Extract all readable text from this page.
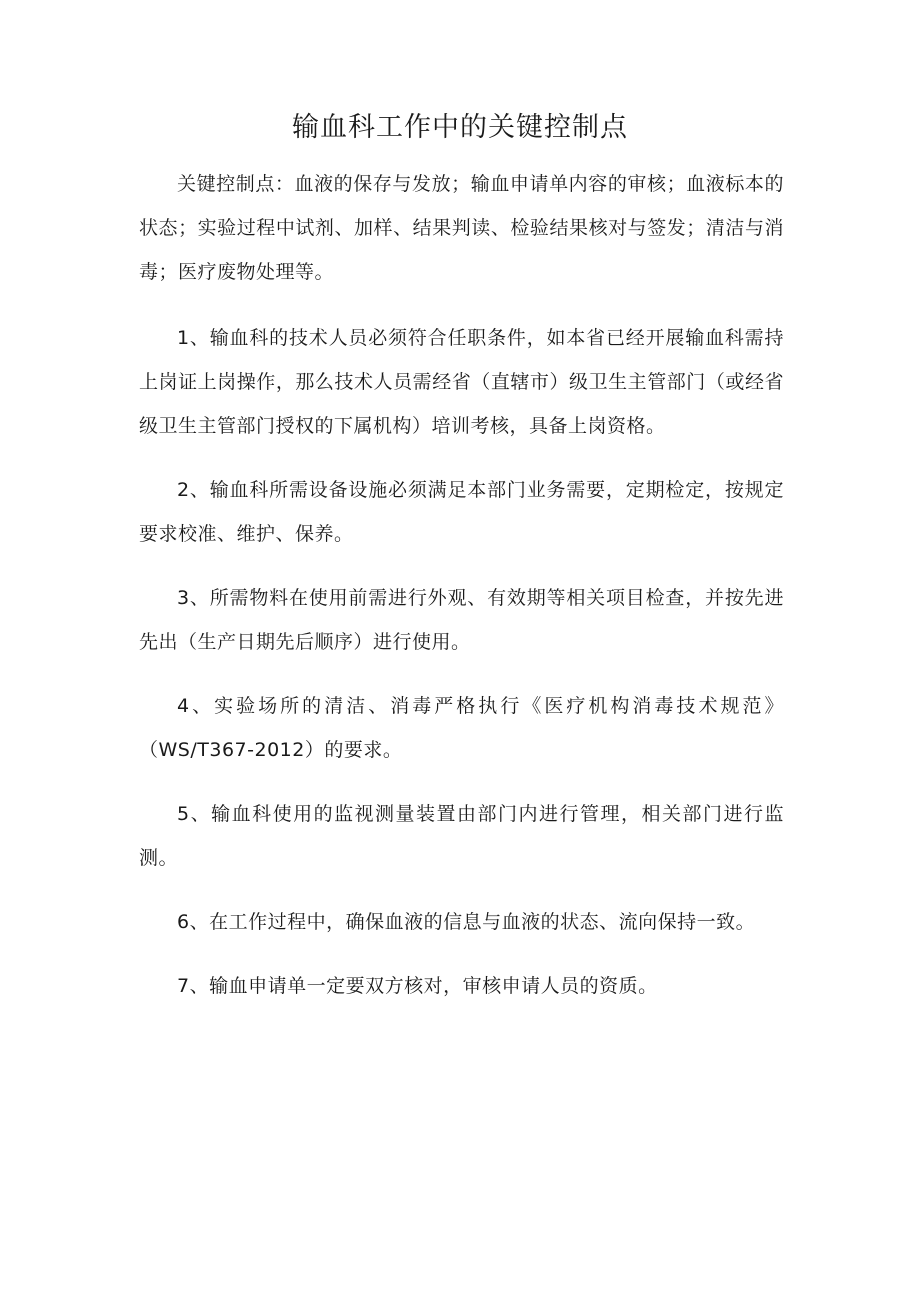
输血科工作中的关键控制点

关键控制点：血液的保存与发放；输血申请单内容的审核；血液标本的状态；实验过程中试剂、加样、结果判读、检验结果核对与签发；清洁与消毒；医疗废物处理等。

1、输血科的技术人员必须符合任职条件，如本省已经开展输血科需持上岗证上岗操作，那么技术人员需经省（直辖市）级卫生主管部门（或经省级卫生主管部门授权的下属机构）培训考核，具备上岗资格。

2、输血科所需设备设施必须满足本部门业务需要，定期检定，按规定要求校准、维护、保养。

3、所需物料在使用前需进行外观、有效期等相关项目检查，并按先进先出（生产日期先后顺序）进行使用。

4、实验场所的清洁、消毒严格执行《医疗机构消毒技术规范》（WS/T367-2012）的要求。

5、输血科使用的监视测量装置由部门内进行管理，相关部门进行监测。

6、在工作过程中，确保血液的信息与血液的状态、流向保持一致。

7、输血申请单一定要双方核对，审核申请人员的资质。
